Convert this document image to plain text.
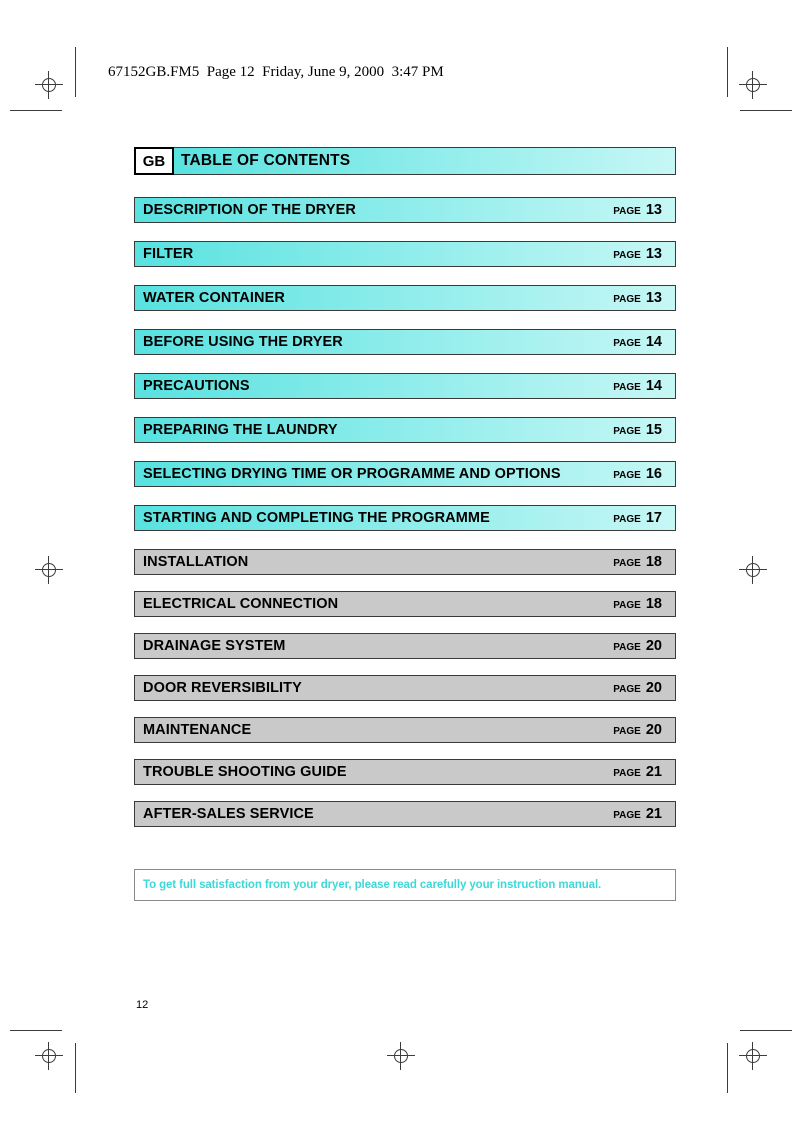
67152GB.FM5  Page 12  Friday, June 9, 2000  3:47 PM
GB	TABLE OF CONTENTS
DESCRIPTION OF THE DRYER	PAGE 13
FILTER	PAGE 13
WATER CONTAINER	PAGE 13
BEFORE USING THE DRYER	PAGE 14
PRECAUTIONS	PAGE 14
PREPARING THE LAUNDRY	PAGE 15
SELECTING DRYING TIME OR PROGRAMME AND OPTIONS	PAGE 16
STARTING AND COMPLETING THE PROGRAMME	PAGE 17
INSTALLATION	PAGE 18
ELECTRICAL CONNECTION	PAGE 18
DRAINAGE SYSTEM	PAGE 20
DOOR REVERSIBILITY	PAGE 20
MAINTENANCE	PAGE 20
TROUBLE SHOOTING GUIDE	PAGE 21
AFTER-SALES SERVICE	PAGE 21
To get full satisfaction from your dryer, please read carefully your instruction manual.
12
